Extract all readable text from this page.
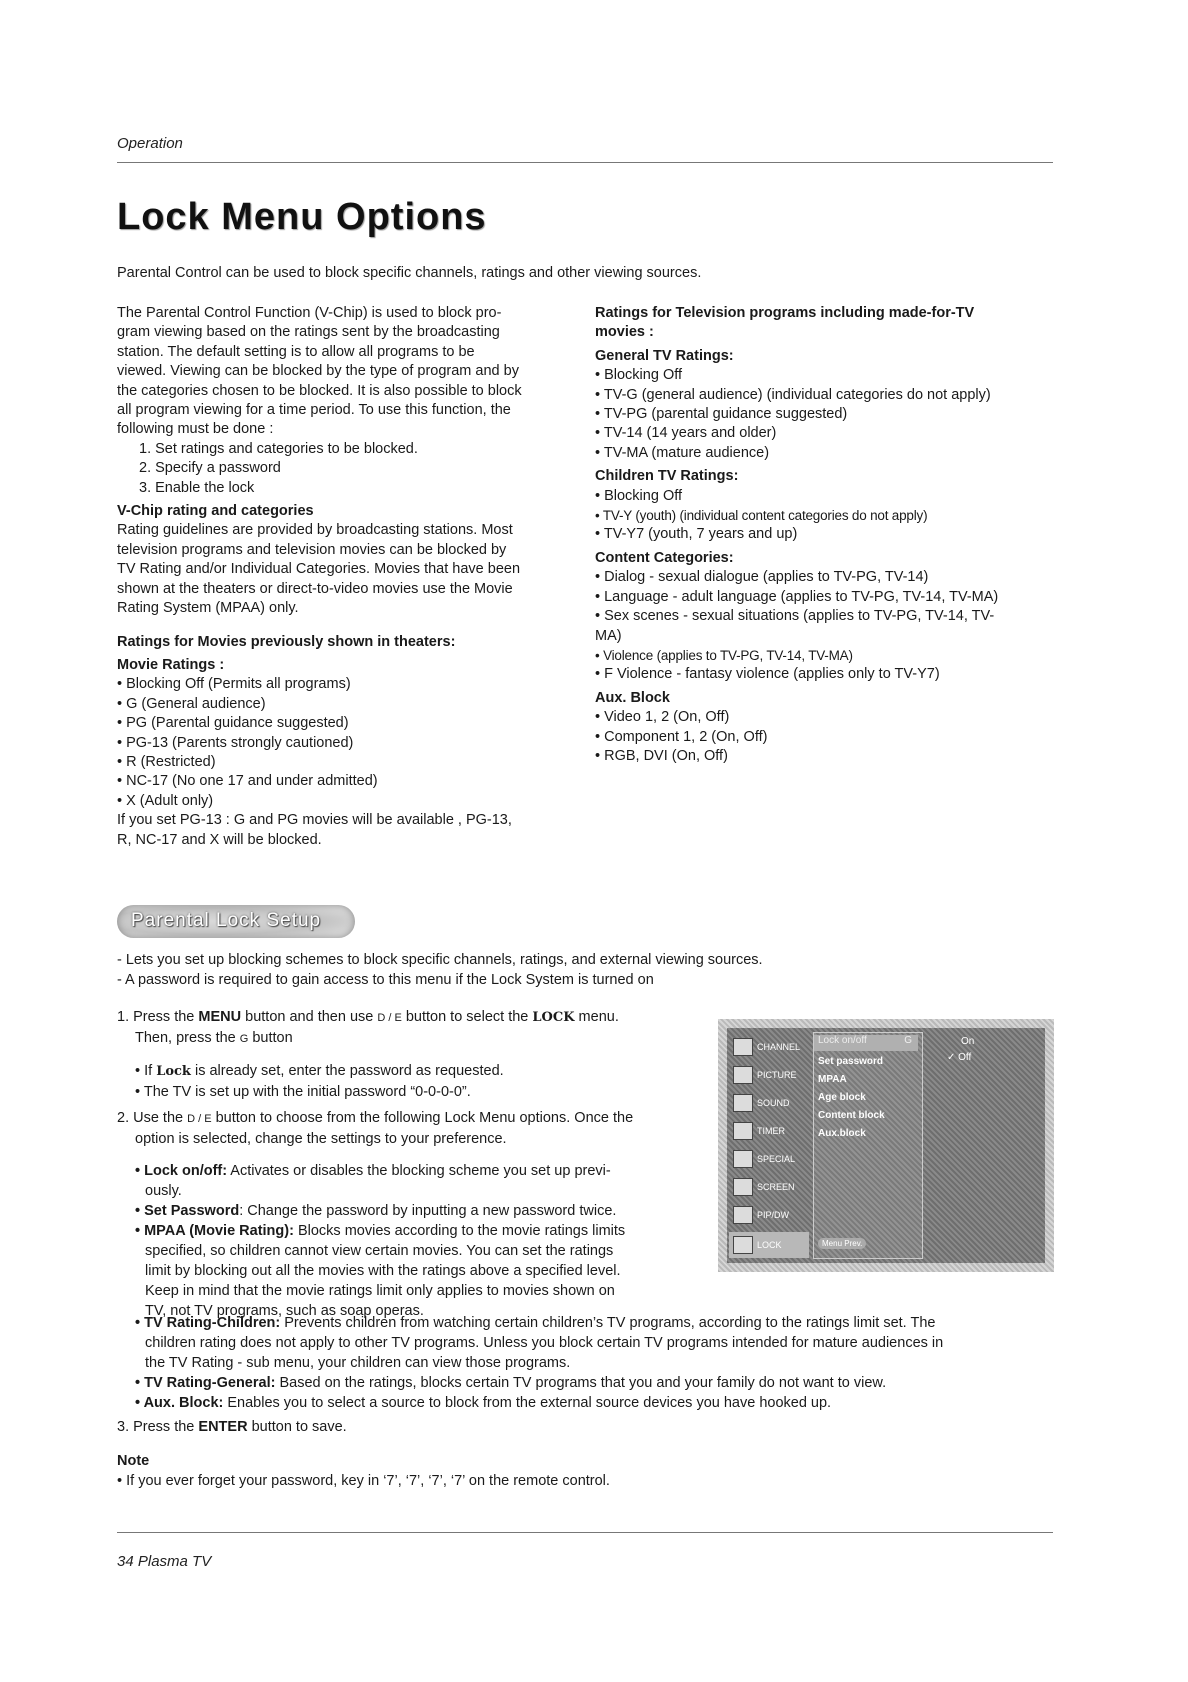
Operation
Lock Menu Options
Parental Control can be used to block specific channels, ratings and other viewing sources.

The Parental Control Function (V-Chip) is used to block pro-

gram viewing based on the ratings sent by the broadcasting

station. The default setting is to allow all programs to be

viewed. Viewing can be blocked by the type of program and by

the categories chosen to be blocked. It is also possible to block

all program viewing for a time period. To use this function, the

following must be done :

1. Set ratings and categories to be blocked.

2. Specify a password

3. Enable the lock

V-Chip rating and categories

Rating guidelines are provided by broadcasting stations. Most

television programs and television movies can be blocked by

TV Rating and/or Individual Categories. Movies that have been

shown at the theaters or direct-to-video movies use the Movie

Rating System (MPAA) only.

Ratings for Movies previously shown in theaters:

Movie Ratings :

• Blocking Off (Permits all programs)

• G (General audience)

• PG (Parental guidance suggested)

• PG-13 (Parents strongly cautioned)

• R (Restricted)

• NC-17 (No one 17 and under admitted)

• X (Adult only)

If you set PG-13 : G and PG movies will be available , PG-13,

R, NC-17 and X will be blocked.

Ratings for Television programs including made-for-TV

movies :

General TV Ratings:

• Blocking Off

• TV-G (general audience) (individual categories do not apply)

• TV-PG (parental guidance suggested)

• TV-14 (14 years and older)

• TV-MA (mature audience)

Children TV Ratings:

• Blocking Off

• TV-Y (youth) (individual content categories do not apply)

• TV-Y7 (youth, 7 years and up)

Content Categories:

• Dialog - sexual dialogue (applies to TV-PG, TV-14)

• Language - adult language (applies to TV-PG, TV-14, TV-MA)

• Sex scenes - sexual situations (applies to TV-PG, TV-14, TV-

MA)

• Violence (applies to TV-PG, TV-14, TV-MA)

• F Violence - fantasy violence (applies only to TV-Y7)

Aux. Block

• Video 1, 2 (On, Off)

• Component 1, 2 (On, Off)

• RGB, DVI (On, Off)

Parental Lock Setup

- Lets you set up blocking schemes to block specific channels, ratings, and external viewing sources.

- A password is required to gain access to this menu if the Lock System is turned on

1. Press the MENU button and then use D / E button to select the LOCK menu.

Then, press the G button

• If Lock is already set, enter the password as requested.

• The TV is set up with the initial password “0-0-0-0”.

2. Use the D / E button to choose from the following Lock Menu options. Once the

option is selected, change the settings to your preference.

• Lock on/off: Activates or disables the blocking scheme you set up previ-

ously.

• Set Password: Change the password by inputting a new password twice.

• MPAA (Movie Rating): Blocks movies according to the movie ratings limits

specified, so children cannot view certain movies. You can set the ratings

limit by blocking out all the movies with the ratings above a specified level.

Keep in mind that the movie ratings limit only applies to movies shown on

TV, not TV programs, such as soap operas.

CHANNEL
PICTURE
SOUND
TIMER
SPECIAL
SCREEN
PIP/DW
LOCK
Lock on/off	G
Set password
MPAA
Age block
Content block
Aux.block
Menu Prev.
On
✓ Off

• TV Rating-Children: Prevents children from watching certain children’s TV programs, according to the ratings limit set. The

children rating does not apply to other TV programs. Unless you block certain TV programs intended for mature audiences in

the TV Rating - sub menu, your children can view those programs.

• TV Rating-General: Based on the ratings, blocks certain TV programs that you and your family do not want to view.

• Aux. Block: Enables you to select a source to block from the external source devices you have hooked up.

3. Press the ENTER button to save.

Note

• If you ever forget your password, key in ‘7’, ‘7’, ‘7’, ‘7’ on the remote control.

34 Plasma TV
